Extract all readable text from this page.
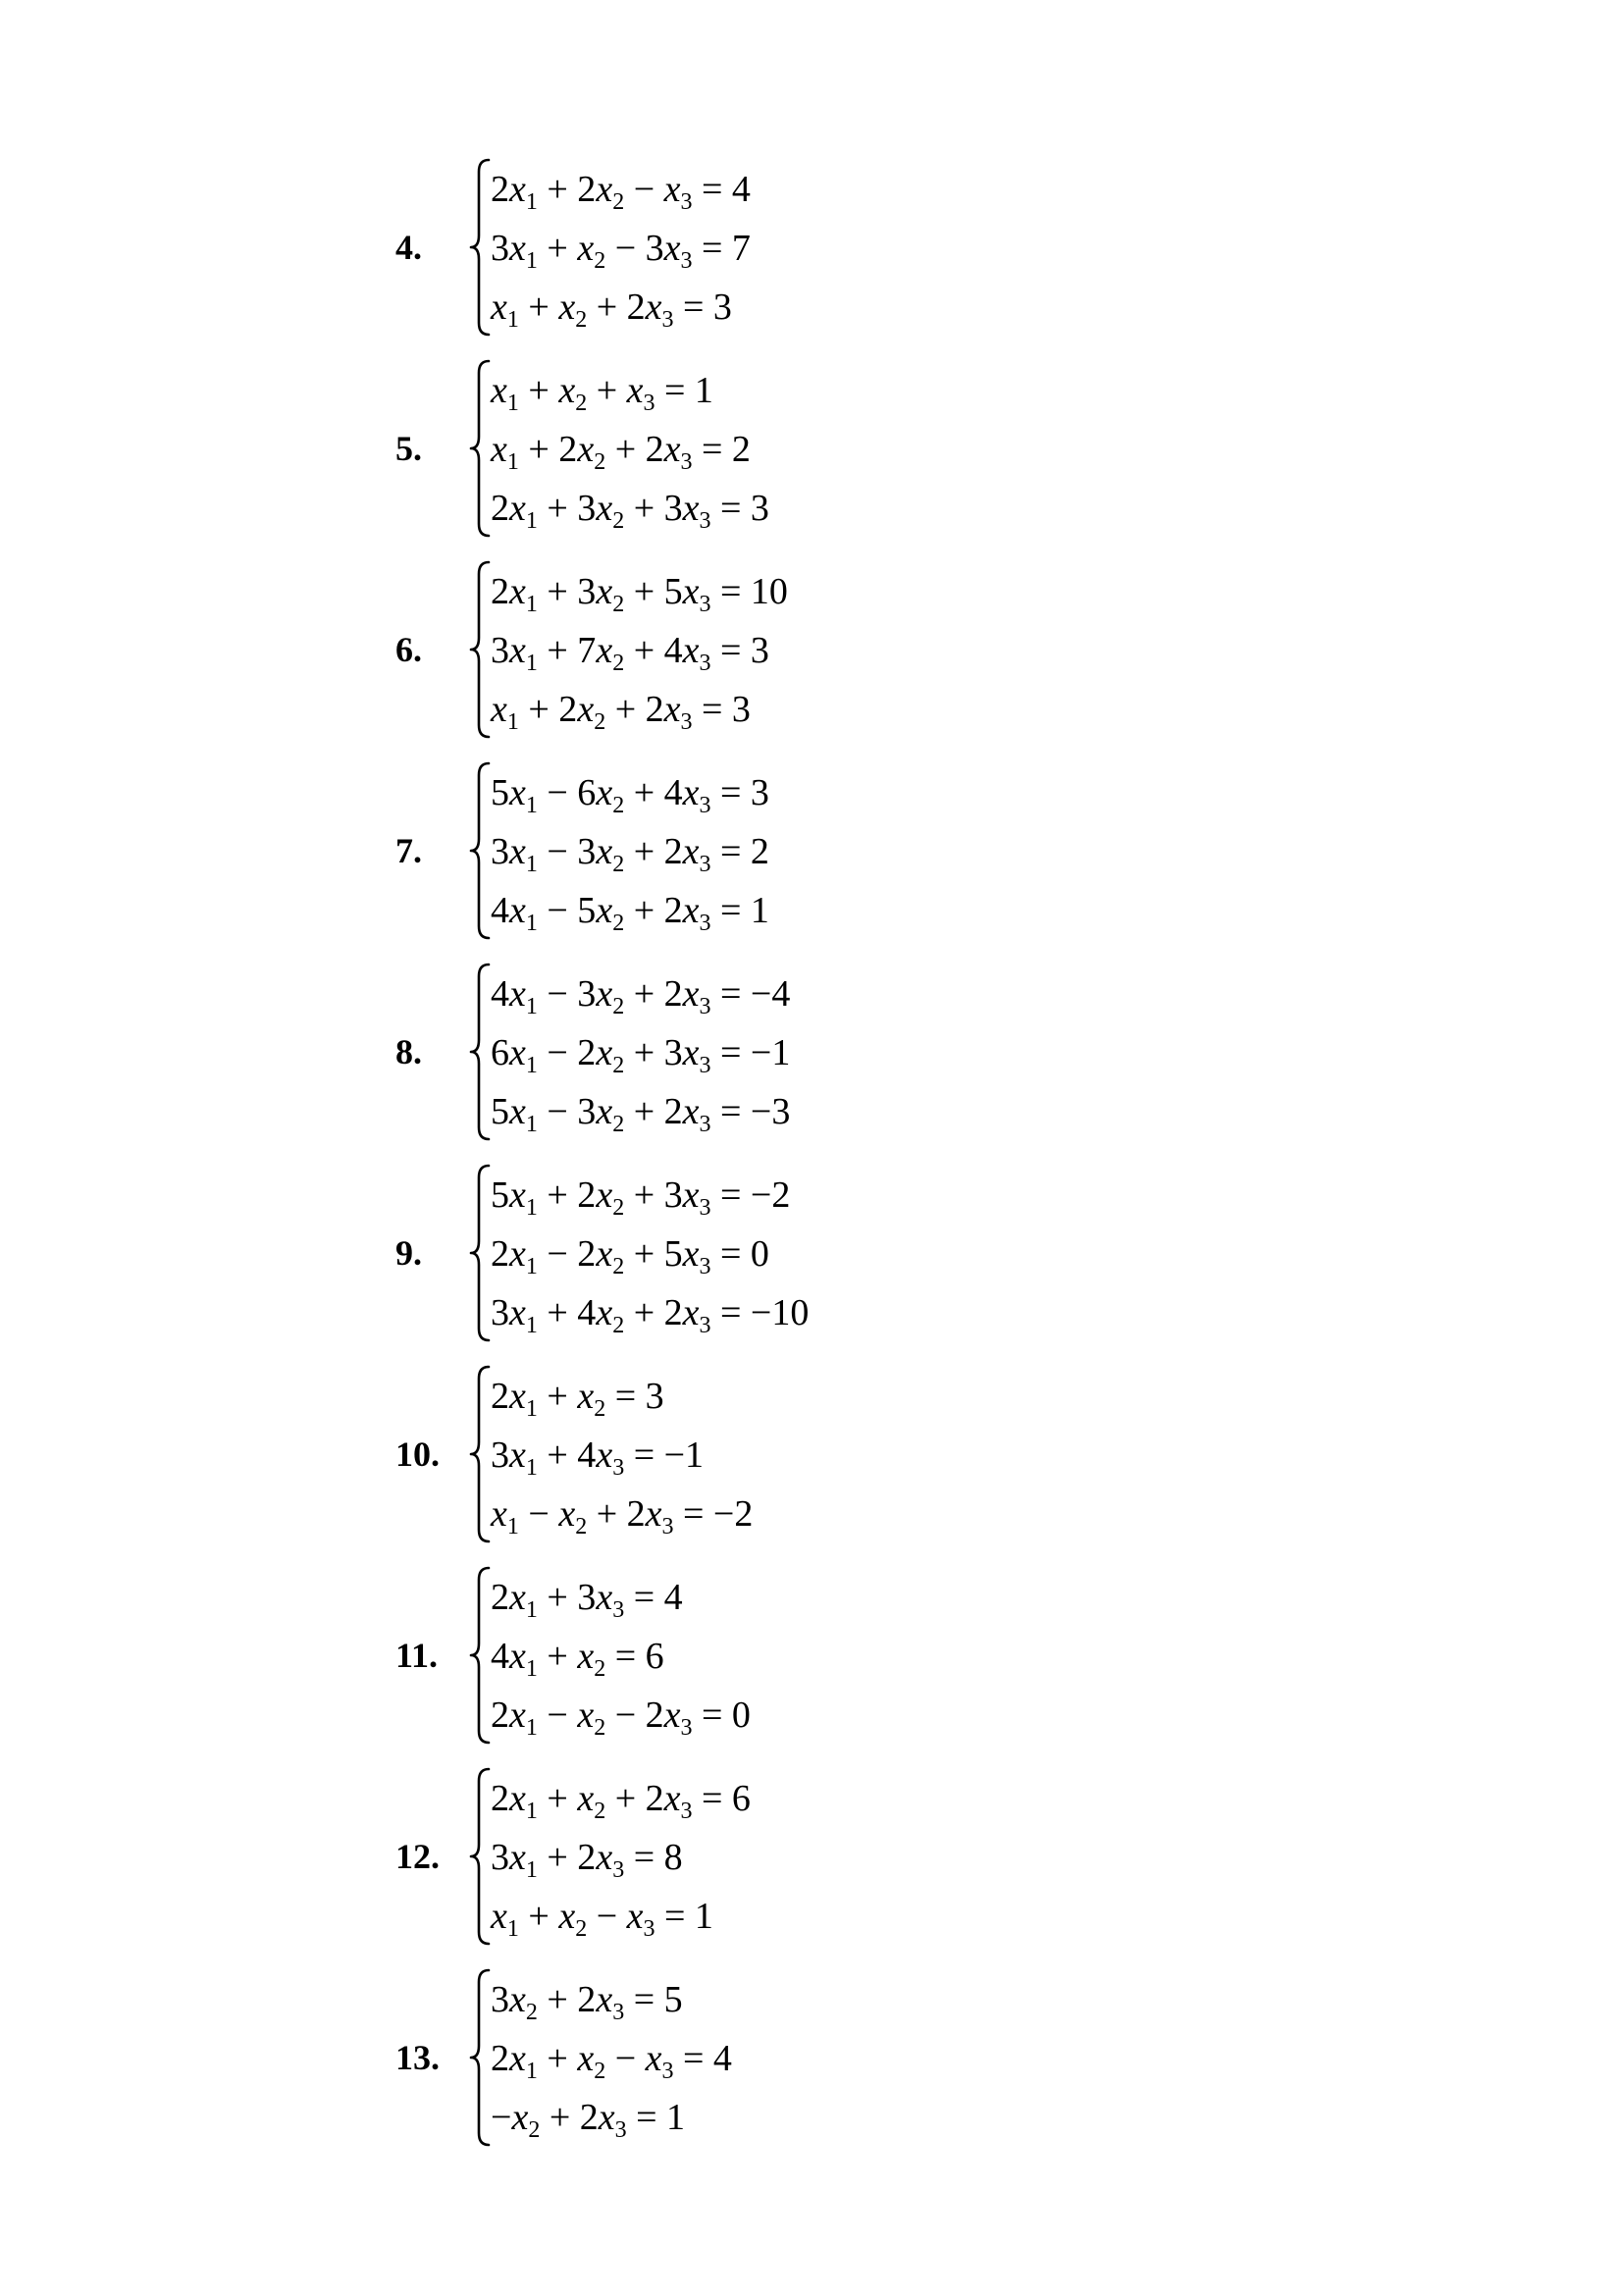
4.
$2x_1 + 2x_2 - x_3 = 4$
$3x_1 + x_2 - 3x_3 = 7$
$x_1 + x_2 + 2x_3 = 3$
5.
$x_1 + x_2 + x_3 = 1$
$x_1 + 2x_2 + 2x_3 = 2$
$2x_1 + 3x_2 + 3x_3 = 3$
6.
$2x_1 + 3x_2 + 5x_3 = 10$
$3x_1 + 7x_2 + 4x_3 = 3$
$x_1 + 2x_2 + 2x_3 = 3$
7.
$5x_1 - 6x_2 + 4x_3 = 3$
$3x_1 - 3x_2 + 2x_3 = 2$
$4x_1 - 5x_2 + 2x_3 = 1$
8.
$4x_1 - 3x_2 + 2x_3 = -4$
$6x_1 - 2x_2 + 3x_3 = -1$
$5x_1 - 3x_2 + 2x_3 = -3$
9.
$5x_1 + 2x_2 + 3x_3 = -2$
$2x_1 - 2x_2 + 5x_3 = 0$
$3x_1 + 4x_2 + 2x_3 = -10$
10.
$2x_1 + x_2 = 3$
$3x_1 + 4x_3 = -1$
$x_1 - x_2 + 2x_3 = -2$
11.
$2x_1 + 3x_3 = 4$
$4x_1 + x_2 = 6$
$2x_1 - x_2 - 2x_3 = 0$
12.
$2x_1 + x_2 + 2x_3 = 6$
$3x_1 + 2x_3 = 8$
$x_1 + x_2 - x_3 = 1$
13.
$3x_2 + 2x_3 = 5$
$2x_1 + x_2 - x_3 = 4$
$-x_2 + 2x_3 = 1$
